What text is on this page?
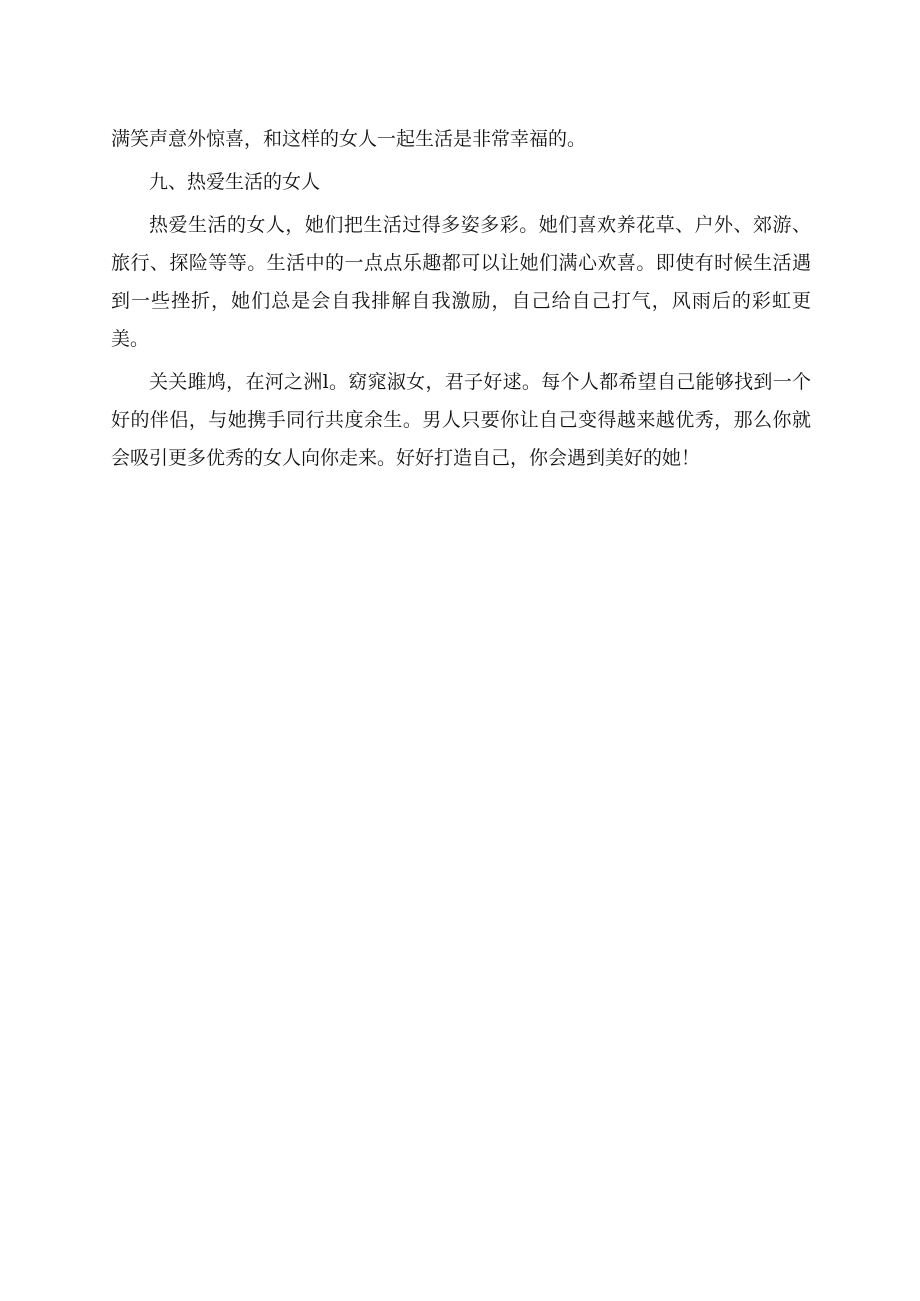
满笑声意外惊喜，和这样的女人一起生活是非常幸福的。

九、热爱生活的女人

热爱生活的女人，她们把生活过得多姿多彩。她们喜欢养花草、户外、郊游、旅行、探险等等。生活中的一点点乐趣都可以让她们满心欢喜。即使有时候生活遇到一些挫折，她们总是会自我排解自我激励，自己给自己打气，风雨后的彩虹更美。

关关雎鸠，在河之洲l。窈窕淑女，君子好逑。每个人都希望自己能够找到一个好的伴侣，与她携手同行共度余生。男人只要你让自己变得越来越优秀，那么你就会吸引更多优秀的女人向你走来。好好打造自己，你会遇到美好的她！
